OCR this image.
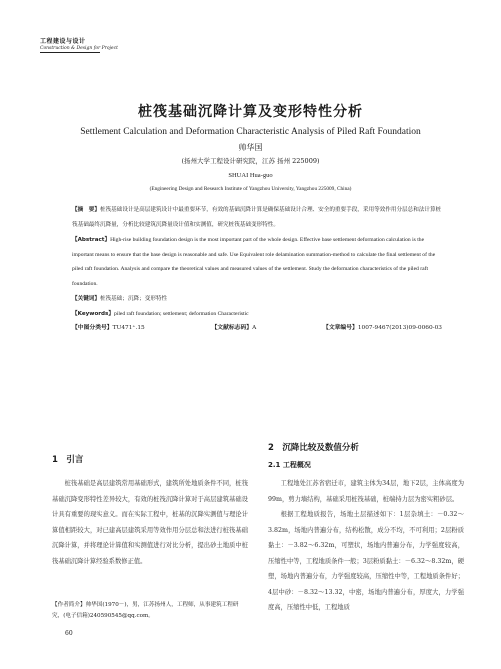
工程建设与设计
Construction & Design for Project
桩筏基础沉降计算及变形特性分析
Settlement Calculation and Deformation Characteristic Analysis of Piled Raft Foundation
帅华国
(扬州大学工程设计研究院，江苏 扬州 225009)
SHUAI Hua-guo
(Engineering Design and Research Institute of Yangzhou University, Yangzhou 225009, China)
【摘　要】桩筏基础设计是高层建筑设计中最重要环节，有效的基础沉降计算是确保基础设计合理、安全的重要手段，采用等效作用分层总和法计算桩筏基础最终沉降量，分析比较建筑沉降量设计值和实测值，研究桩筏基础变形特性。
【Abstract】High-rise building foundation design is the most important part of the whole design. Effective base settlement deformation calculation is the important means to ensure that the base design is reasonable and safe. Use Equivalent role delamination summation-method to calculate the final settlement of the piled raft foundation. Analysis and compare the theoretical values and measured values of the settlement. Study the deformation characteristics of the piled raft foundation.
【关键词】桩筏基础；沉降；变形特性
【Keywords】piled raft foundation; settlement; deformation Characteristic
【中图分类号】TU471⁺.15	【文献标志码】A	【文章编号】1007-9467(2013)09-0060-03
1　引言

桩筏基础是高层建筑常用基础形式，建筑所处地质条件不同，桩筏基础沉降变形特性差异较大，有效的桩筏沉降计算对于高层建筑基础设计具有重要的现实意义。而在实际工程中，桩基的沉降实测值与理论计算值相距较大，对已建高层建筑采用等效作用分层总和法进行桩筏基础沉降计算，并将理论计算值和实测值进行对比分析，提出砂土地质中桩筏基础沉降计算经验系数修正值。

【作者简介】帅华国(1970－)，男，江苏扬州人，工程师，从事建筑工程研究，(电子信箱)240590545@qq.com。
60
2　沉降比较及数值分析
2.1 工程概况

工程地处江苏省宿迁市，建筑主体为34层，地下2层，主体高度为99m，剪力墙结构，基础采用桩筏基础，桩端持力层为密实粗砂层。

根据工程地质报告，场地土层描述如下：1层杂填土：－0.32～3.82m，场地内普遍分布，结构松散，成分不均，不可利用；2层粉质黏土：－3.82～6.32m，可塑状，场地内普遍分布，力学强度较高，压缩性中等，工程地质条件一般；3层粉质黏土：－6.32～8.32m，硬塑，场地内普遍分布，力学强度较高，压缩性中等，工程地质条件好；4层中砂：－8.32～13.32，中密，场地内普遍分布，厚度大，力学强度高，压缩性中低，工程地质
